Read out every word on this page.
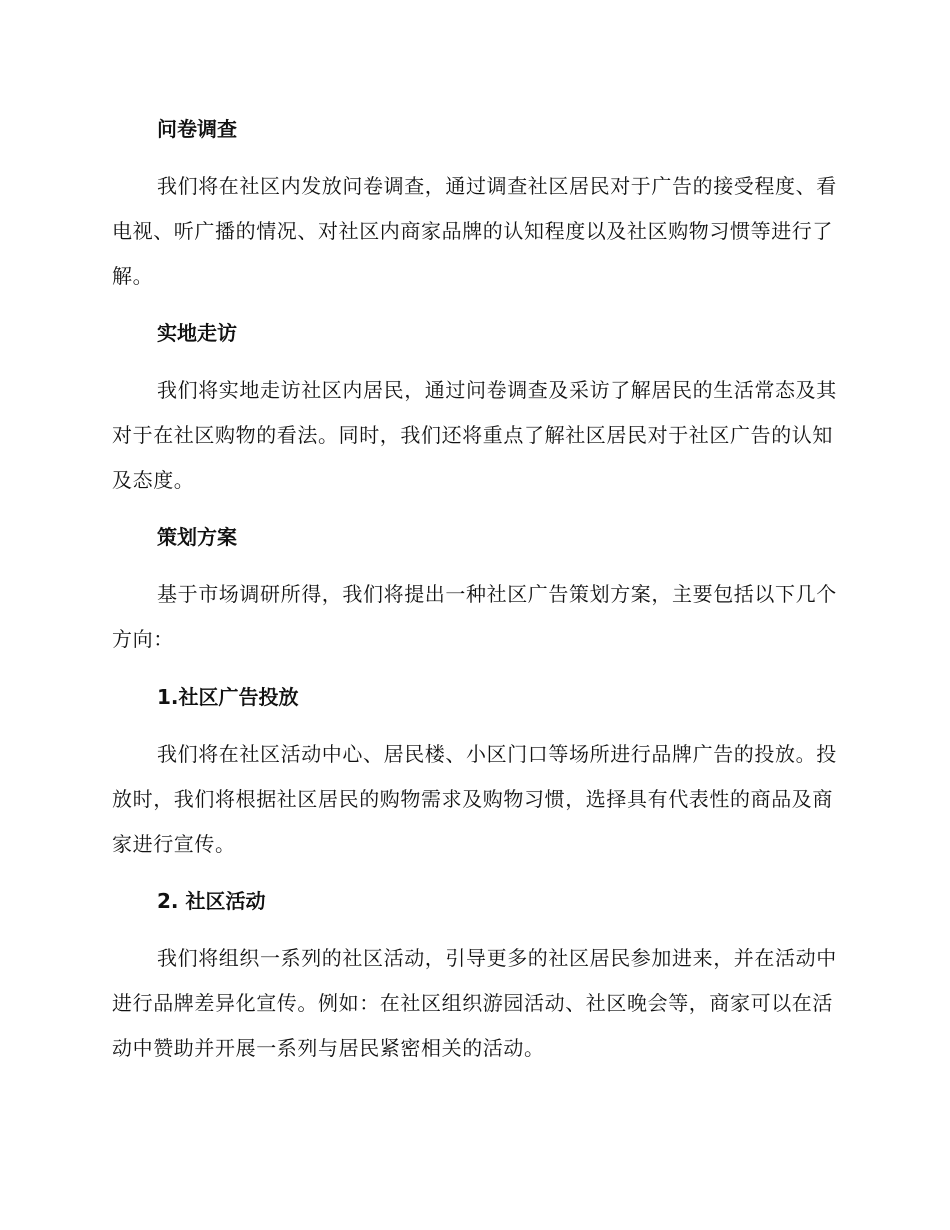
问卷调查

我们将在社区内发放问卷调查，通过调查社区居民对于广告的接受程度、看电视、听广播的情况、对社区内商家品牌的认知程度以及社区购物习惯等进行了解。

实地走访

我们将实地走访社区内居民，通过问卷调查及采访了解居民的生活常态及其对于在社区购物的看法。同时，我们还将重点了解社区居民对于社区广告的认知及态度。

策划方案

基于市场调研所得，我们将提出一种社区广告策划方案，主要包括以下几个方向：

1.社区广告投放

我们将在社区活动中心、居民楼、小区门口等场所进行品牌广告的投放。投放时，我们将根据社区居民的购物需求及购物习惯，选择具有代表性的商品及商家进行宣传。

2. 社区活动

我们将组织一系列的社区活动，引导更多的社区居民参加进来，并在活动中进行品牌差异化宣传。例如：在社区组织游园活动、社区晚会等，商家可以在活动中赞助并开展一系列与居民紧密相关的活动。
